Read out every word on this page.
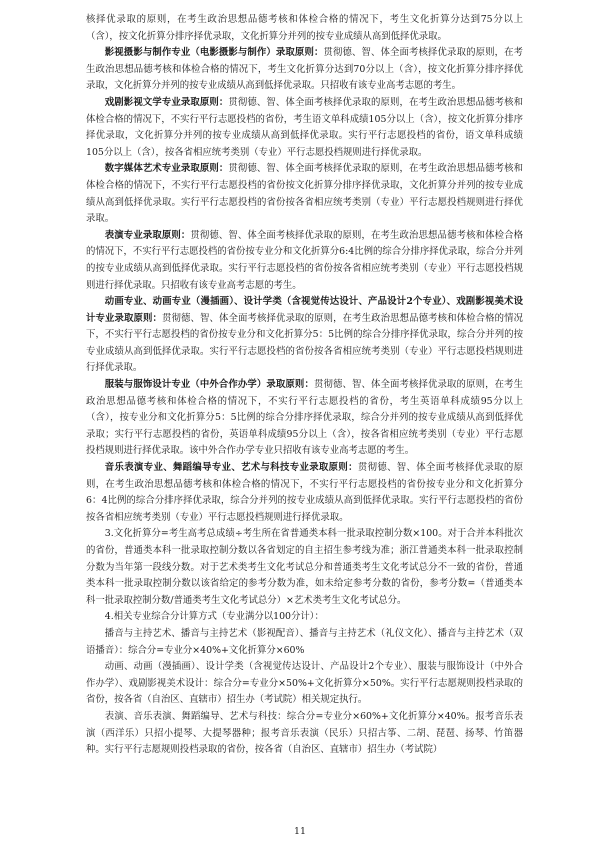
核择优录取的原则，在考生政治思想品德考核和体检合格的情况下，考生文化折算分达到75分以上（含），按文化折算分排序择优录取，文化折算分并列的按专业成绩从高到低择优录取。

影视摄影与制作专业（电影摄影与制作）录取原则：贯彻德、智、体全面考核择优录取的原则，在考生政治思想品德考核和体检合格的情况下，考生文化折算分达到70分以上（含），按文化折算分排序择优录取，文化折算分并列的按专业成绩从高到低择优录取。只招收有该专业高考志愿的考生。

戏剧影视文学专业录取原则：贯彻德、智、体全面考核择优录取的原则，在考生政治思想品德考核和体检合格的情况下，不实行平行志愿投档的省份，考生语文单科成绩105分以上（含），按文化折算分排序择优录取，文化折算分并列的按专业成绩从高到低择优录取。实行平行志愿投档的省份，语文单科成绩105分以上（含），按各省相应统考类别（专业）平行志愿投档规则进行择优录取。

数字媒体艺术专业录取原则：贯彻德、智、体全面考核择优录取的原则，在考生政治思想品德考核和体检合格的情况下，不实行平行志愿投档的省份按文化折算分排序择优录取，文化折算分并列的按专业成绩从高到低择优录取。实行平行志愿投档的省份按各省相应统考类别（专业）平行志愿投档规则进行择优录取。

表演专业录取原则：贯彻德、智、体全面考核择优录取的原则，在考生政治思想品德考核和体检合格的情况下，不实行平行志愿投档的省份按专业分和文化折算分6:4比例的综合分排序择优录取，综合分并列的按专业成绩从高到低择优录取。实行平行志愿投档的省份按各省相应统考类别（专业）平行志愿投档规则进行择优录取。只招收有该专业高考志愿的考生。

动画专业、动画专业（漫插画）、设计学类（含视觉传达设计、产品设计2个专业）、戏剧影视美术设计专业录取原则：贯彻德、智、体全面考核择优录取的原则，在考生政治思想品德考核和体检合格的情况下，不实行平行志愿投档的省份按专业分和文化折算分5：5比例的综合分排序择优录取，综合分并列的按专业成绩从高到低择优录取。实行平行志愿投档的省份按各省相应统考类别（专业）平行志愿投档规则进行择优录取。

服装与服饰设计专业（中外合作办学）录取原则：贯彻德、智、体全面考核择优录取的原则，在考生政治思想品德考核和体检合格的情况下，不实行平行志愿投档的省份，考生英语单科成绩95分以上（含），按专业分和文化折算分5：5比例的综合分排序择优录取，综合分并列的按专业成绩从高到低择优录取；实行平行志愿投档的省份，英语单科成绩95分以上（含），按各省相应统考类别（专业）平行志愿投档规则进行择优录取。该中外合作办学专业只招收有该专业高考志愿的考生。

音乐表演专业、舞蹈编导专业、艺术与科技专业录取原则：贯彻德、智、体全面考核择优录取的原则，在考生政治思想品德考核和体检合格的情况下，不实行平行志愿投档的省份按专业分和文化折算分6：4比例的综合分排序择优录取，综合分并列的按专业成绩从高到低择优录取。实行平行志愿投档的省份按各省相应统考类别（专业）平行志愿投档规则进行择优录取。

3.文化折算分=考生高考总成绩÷考生所在省普通类本科一批录取控制分数×100。对于合并本科批次的省份，普通类本科一批录取控制分数以各省划定的自主招生参考线为准；浙江普通类本科一批录取控制分数为当年第一段线分数。对于艺术类考生文化考试总分和普通类考生文化考试总分不一致的省份，普通类本科一批录取控制分数以该省给定的参考分数为准，如未给定参考分数的省份，参考分数=（普通类本科一批录取控制分数/普通类考生文化考试总分）×艺术类考生文化考试总分。

4.相关专业综合分计算方式（专业满分以100分计）：

播音与主持艺术、播音与主持艺术（影视配音）、播音与主持艺术（礼仪文化）、播音与主持艺术（双语播音）：综合分=专业分×40%+文化折算分×60%

动画、动画（漫插画）、设计学类（含视觉传达设计、产品设计2个专业）、服装与服饰设计（中外合作办学）、戏剧影视美术设计：综合分=专业分×50%+文化折算分×50%。实行平行志愿规则投档录取的省份，按各省（自治区、直辖市）招生办（考试院）相关规定执行。

表演、音乐表演、舞蹈编导、艺术与科技：综合分=专业分×60%+文化折算分×40%。报考音乐表演（西洋乐）只招小提琴、大提琴器种；报考音乐表演（民乐）只招古筝、二胡、琵琶、扬琴、竹笛器种。实行平行志愿规则投档录取的省份，按各省（自治区、直辖市）招生办（考试院）

11
